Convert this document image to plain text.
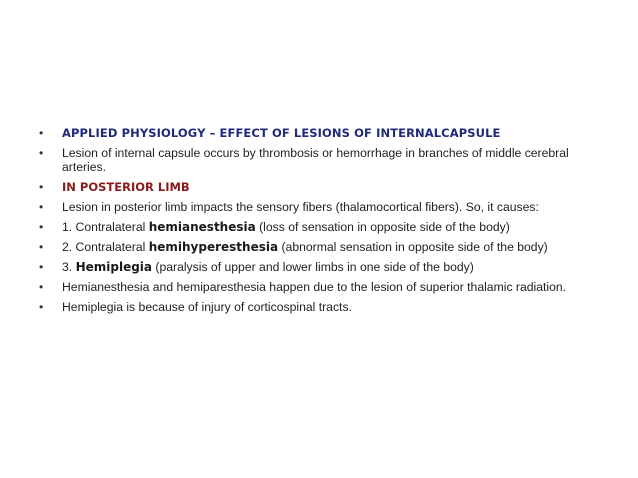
• APPLIED PHYSIOLOGY – EFFECT OF LESIONS OF INTERNALCAPSULE
• Lesion of internal capsule occurs by thrombosis or hemorrhage in branches of middle cerebral arteries.
• IN POSTERIOR LIMB
• Lesion in posterior limb impacts the sensory fibers (thalamocortical fibers). So, it causes:
• 1. Contralateral hemianesthesia (loss of sensation in opposite side of the body)
• 2. Contralateral hemihyperesthesia (abnormal sensation in opposite side of the body)
• 3. Hemiplegia (paralysis of upper and lower limbs in one side of the body)
• Hemianesthesia and hemiparesthesia happen due to the lesion of superior thalamic radiation.
• Hemiplegia is because of injury of corticospinal tracts.
